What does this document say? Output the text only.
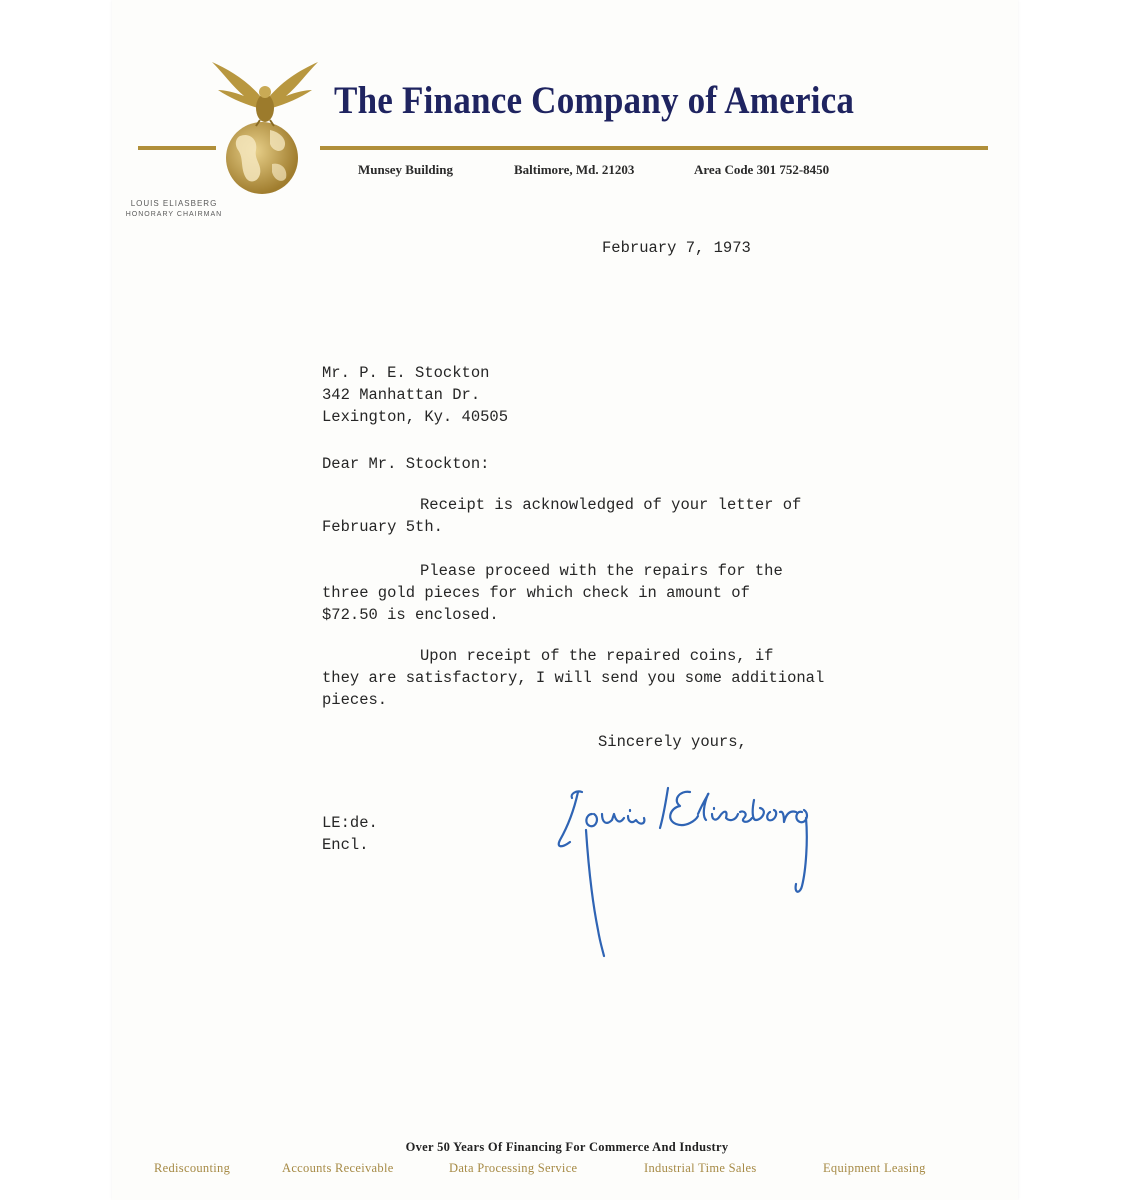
The Finance Company of America
Munsey Building	Baltimore, Md. 21203	Area Code 301 752-8450
LOUIS ELIASBERG
HONORARY CHAIRMAN
February 7, 1973
Mr. P. E. Stockton
342 Manhattan Dr.
Lexington, Ky. 40505
Dear Mr. Stockton:
Receipt is acknowledged of your letter of
February 5th.
Please proceed with the repairs for the
three gold pieces for which check in amount of
$72.50 is enclosed.
Upon receipt of the repaired coins, if
they are satisfactory, I will send you some additional
pieces.
Sincerely yours,
LE:de.
Encl.
Over 50 Years Of Financing For Commerce And Industry
Rediscounting	Accounts Receivable	Data Processing Service	Industrial Time Sales	Equipment Leasing
